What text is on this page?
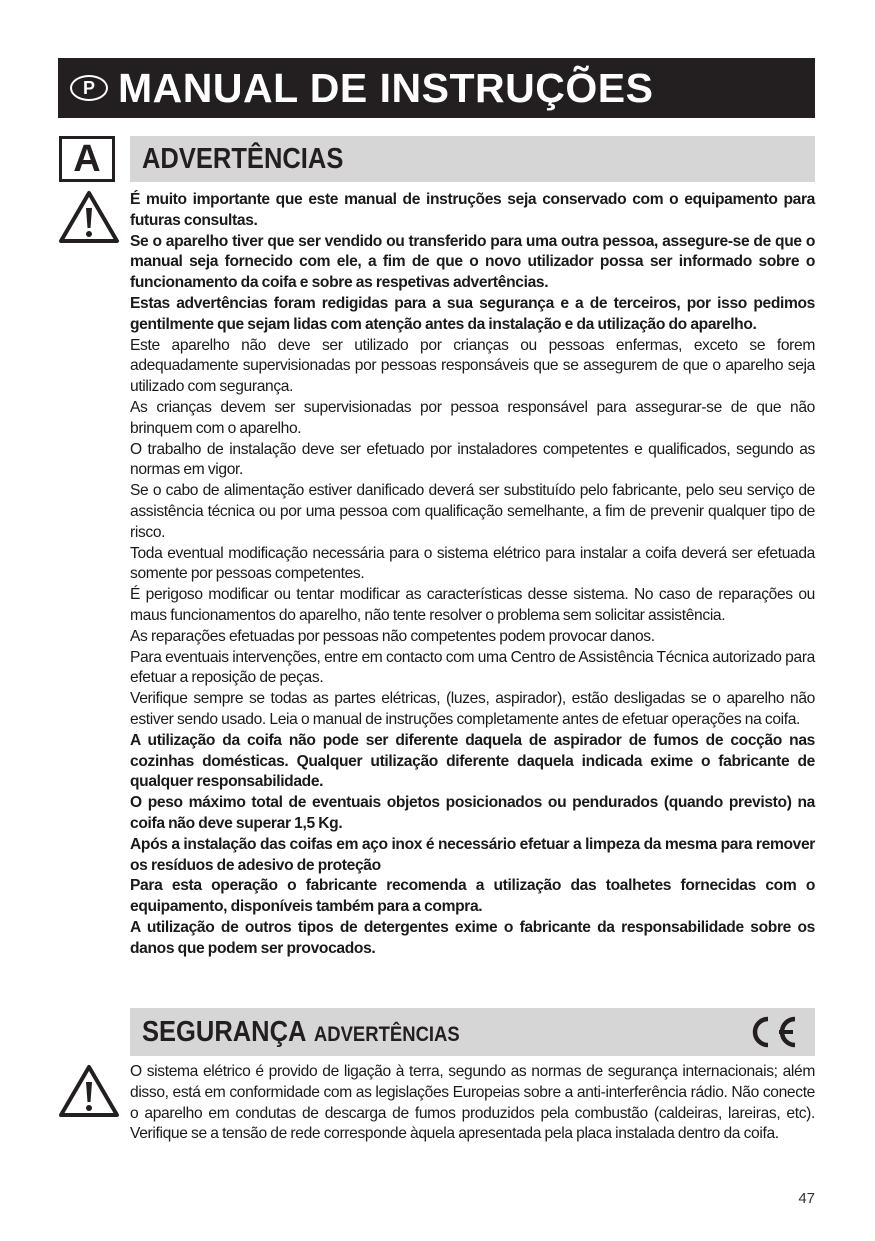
P MANUAL DE INSTRUÇÕES
A	ADVERTÊNCIAS

É muito importante que este manual de instruções seja conservado com o equipamento para futuras consultas.

Se o aparelho tiver que ser vendido ou transferido para uma outra pessoa, assegure-se de que o manual seja fornecido com ele, a fim de que o novo utilizador possa ser informado sobre o funcionamento da coifa e sobre as respetivas advertências.

Estas advertências foram redigidas para a sua segurança e a de terceiros, por isso pedimos gentilmente que sejam lidas com atenção antes da instalação e da utilização do aparelho.

Este aparelho não deve ser utilizado por crianças ou pessoas enfermas, exceto se forem adequadamente supervisionadas por pessoas responsáveis que se assegurem de que o aparelho seja utilizado com segurança.

As crianças devem ser supervisionadas por pessoa responsável para assegurar-se de que não brinquem com o aparelho.

O trabalho de instalação deve ser efetuado por instaladores competentes e qualificados, segundo as normas em vigor.

Se o cabo de alimentação estiver danificado deverá ser substituído pelo fabricante, pelo seu serviço de assistência técnica ou por uma pessoa com qualificação semelhante, a fim de prevenir qualquer tipo de risco.

Toda eventual modificação necessária para o sistema elétrico para instalar a coifa deverá ser efetuada somente por pessoas competentes.

É perigoso modificar ou tentar modificar as características desse sistema. No caso de reparações ou maus funcionamentos do aparelho, não tente resolver o problema sem solicitar assistência.

As reparações efetuadas por pessoas não competentes podem provocar danos.

Para eventuais intervenções, entre em contacto com uma Centro de Assistência Técnica autorizado para efetuar a reposição de peças.

Verifique sempre se todas as partes elétricas, (luzes, aspirador), estão desligadas se o aparelho não estiver sendo usado. Leia o manual de instruções completamente antes de efetuar operações na coifa.

A utilização da coifa não pode ser diferente daquela de aspirador de fumos de cocção nas cozinhas domésticas. Qualquer utilização diferente daquela indicada exime o fabricante de qualquer responsabilidade.

O peso máximo total de eventuais objetos posicionados ou pendurados (quando previsto) na coifa não deve superar 1,5 Kg.

Após a instalação das coifas em aço inox é necessário efetuar a limpeza da mesma para remover os resíduos de adesivo de proteção

Para esta operação o fabricante recomenda a utilização das toalhetes fornecidas com o equipamento, disponíveis também para a compra.

A utilização de outros tipos de detergentes exime o fabricante da responsabilidade sobre os danos que podem ser provocados.

SEGURANÇA ADVERTÊNCIAS

O sistema elétrico é provido de ligação à terra, segundo as normas de segurança internacionais; além disso, está em conformidade com as legislações Europeias sobre a anti-interferência rádio. Não conecte o aparelho em condutas de descarga de fumos produzidos pela combustão (caldeiras, lareiras, etc). Verifique se a tensão de rede corresponde àquela apresentada pela placa instalada dentro da coifa.

47
